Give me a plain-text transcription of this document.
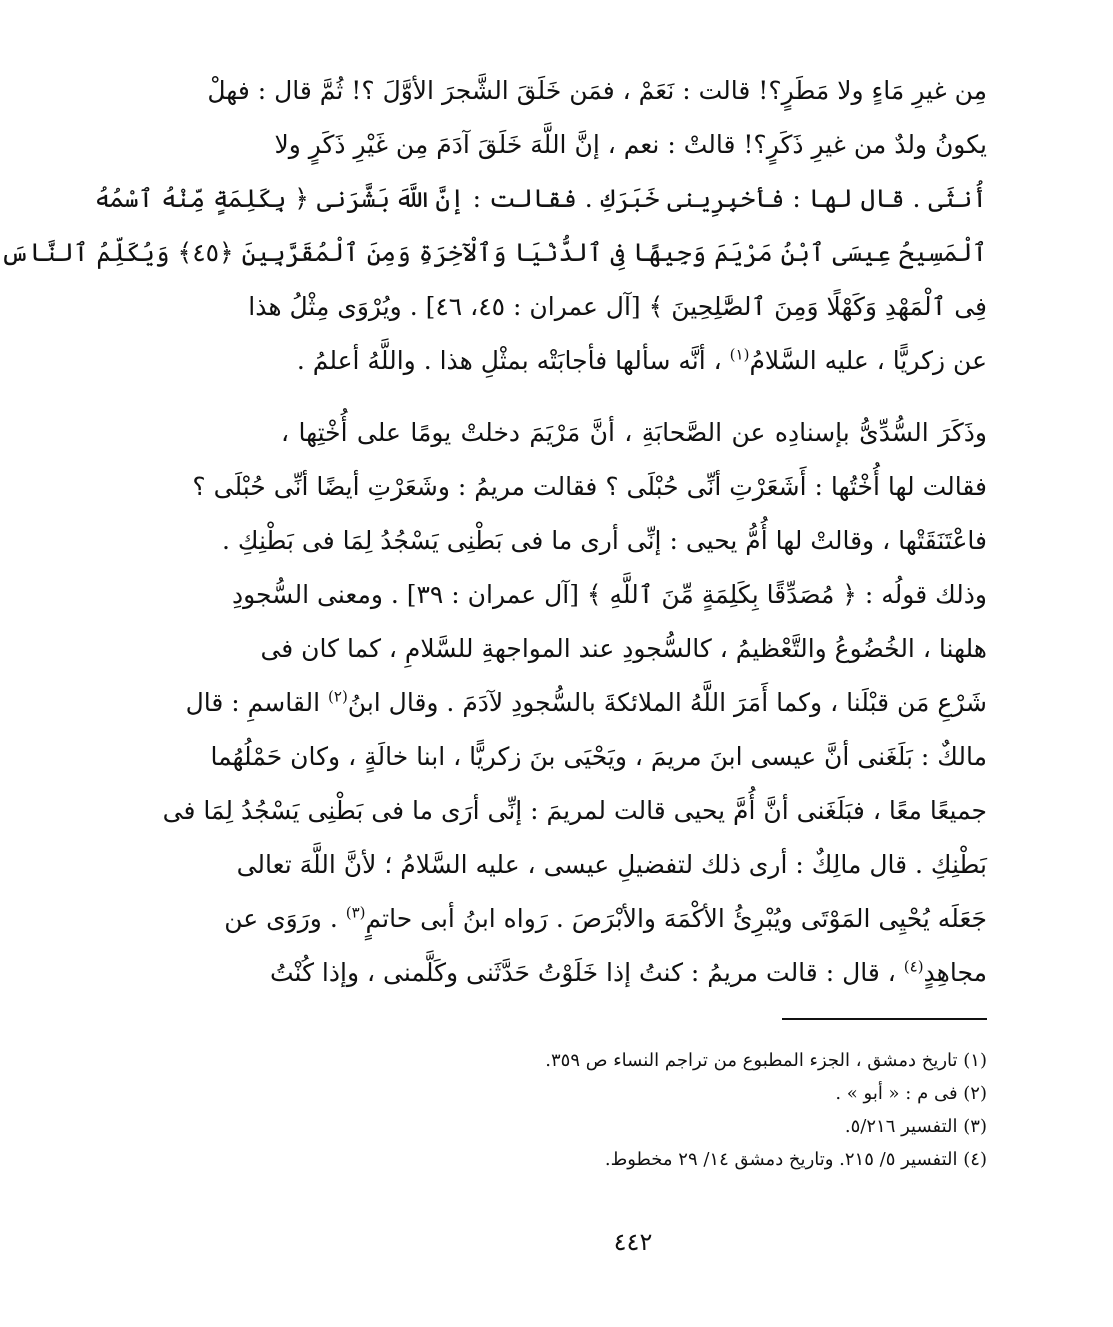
مِن غيرِ مَاءٍ ولا مَطَرٍ؟! قالت : نَعَمْ ، فمَن خَلَقَ الشَّجرَ الأوَّلَ ؟! ثُمَّ قال : فهلْ
يكونُ ولدٌ من غيرِ ذَكَرٍ؟! قالتْ : نعم ، إنَّ اللَّهَ خَلَقَ آدَمَ مِن غَيْرِ ذَكَرٍ ولا
أُنثَى . قال لها : فأخبِرِينى خَبَرَكِ . فقالت : إنَّ اللَّهَ بَشَّرَنى ﴿ بِكَلِمَةٍ مِّنْهُ ٱسْمُهُ
ٱلْمَسِيحُ عِيسَى ٱبْنُ مَرْيَمَ وَجِيهًا فِى ٱلدُّنْيَا وَٱلْآخِرَةِ وَمِنَ ٱلْمُقَرَّبِينَ ﴿٤٥﴾ وَيُكَلِّمُ ٱلنَّاسَ
فِى ٱلْمَهْدِ وَكَهْلًا وَمِنَ ٱلصَّٰلِحِينَ ﴾ [آل عمران : ٤٥، ٤٦] . ويُرْوَى مِثْلُ هذا
عن زكريًّا ، عليه السَّلامُ$^{(١)}$ ، أنَّه سألها فأجابَتْه بمثْلِ هذا . واللَّهُ أعلمُ .
وذَكَرَ السُّدِّىُّ بإسنادِه عن الصَّحابَةِ ، أنَّ مَرْيَمَ دخلتْ يومًا على أُخْتِها ،
فقالت لها أُخْتُها : أَشَعَرْتِ أنِّى حُبْلَى ؟ فقالت مريمُ : وشَعَرْتِ أيضًا أنِّى حُبْلَى ؟
فاعْتَنَقَتْها ، وقالتْ لها أُمُّ يحيى : إنِّى أرى ما فى بَطْنِى يَسْجُدُ لِمَا فى بَطْنِكِ .
وذلك قولُه : ﴿ مُصَدِّقًا بِكَلِمَةٍ مِّنَ ٱللَّهِ ﴾ [آل عمران : ٣٩] . ومعنى السُّجودِ
هلهنا ، الخُضُوعُ والتَّعْظيمُ ، كالسُّجودِ عند المواجهةِ للسَّلامِ ، كما كان فى
شَرْعِ مَن قبْلَنا ، وكما أَمَرَ اللَّهُ الملائكةَ بالسُّجودِ لآدَمَ . وقال ابنُ$^{(٢)}$ القاسمِ : قال
مالكٌ : بَلَغَنى أنَّ عيسى ابنَ مريمَ ، ويَحْيَى بنَ زكريًّا ، ابنا خالَةٍ ، وكان حَمْلُهُما
جميعًا معًا ، فبَلَغَنى أنَّ أُمَّ يحيى قالت لمريمَ : إنِّى أرَى ما فى بَطْنِى يَسْجُدُ لِمَا فى
بَطْنِكِ . قال مالِكٌ : أرى ذلك لتفضيلِ عيسى ، عليه السَّلامُ ؛ لأنَّ اللَّهَ تعالى
جَعَلَه يُحْيِى المَوْتَى ويُبْرِئُ الأكْمَهَ والأبْرَصَ . رَواه ابنُ أبى حاتمٍ$^{(٣)}$ . ورَوَى عن
مجاهِدٍ$^{(٤)}$ ، قال : قالت مريمُ : كنتُ إذا خَلَوْتُ حَدَّثَنى وكَلَّمنى ، وإذا كُنْتُ
(١) تاريخ دمشق ، الجزء المطبوع من تراجم النساء ص ٣٥٩.
(٢) فى م : « أبو » .
(٣) التفسير ٥/٢١٦.
(٤) التفسير ٥/ ٢١٥. وتاريخ دمشق ١٤/ ٢٩ مخطوط.
٤٤٢
